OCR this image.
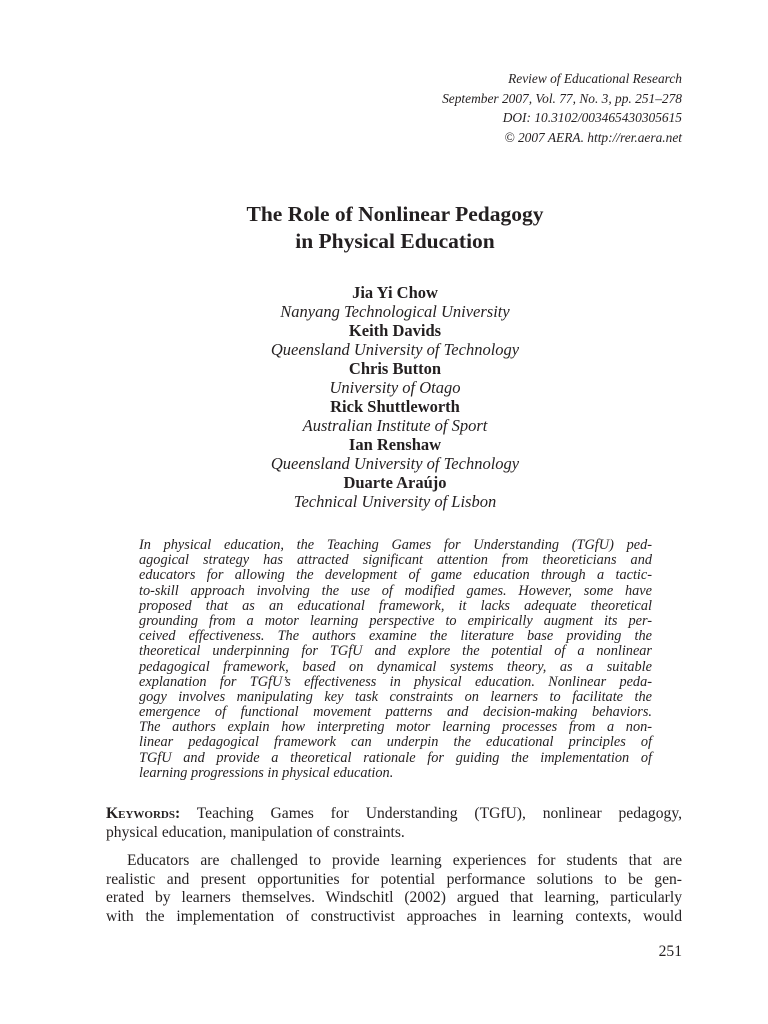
Review of Educational Research
September 2007, Vol. 77, No. 3, pp. 251–278
DOI: 10.3102/003465430305615
© 2007 AERA. http://rer.aera.net
The Role of Nonlinear Pedagogy
in Physical Education
Jia Yi Chow
Nanyang Technological University
Keith Davids
Queensland University of Technology
Chris Button
University of Otago
Rick Shuttleworth
Australian Institute of Sport
Ian Renshaw
Queensland University of Technology
Duarte Araújo
Technical University of Lisbon
In physical education, the Teaching Games for Understanding (TGfU) ped-
agogical strategy has attracted significant attention from theoreticians and
educators for allowing the development of game education through a tactic-
to-skill approach involving the use of modified games. However, some have
proposed that as an educational framework, it lacks adequate theoretical
grounding from a motor learning perspective to empirically augment its per-
ceived effectiveness. The authors examine the literature base providing the
theoretical underpinning for TGfU and explore the potential of a nonlinear
pedagogical framework, based on dynamical systems theory, as a suitable
explanation for TGfU’s effectiveness in physical education. Nonlinear peda-
gogy involves manipulating key task constraints on learners to facilitate the
emergence of functional movement patterns and decision-making behaviors.
The authors explain how interpreting motor learning processes from a non-
linear pedagogical framework can underpin the educational principles of
TGfU and provide a theoretical rationale for guiding the implementation of
learning progressions in physical education.
Keywords: Teaching Games for Understanding (TGfU), nonlinear pedagogy,
physical education, manipulation of constraints.
Educators are challenged to provide learning experiences for students that are
realistic and present opportunities for potential performance solutions to be gen-
erated by learners themselves. Windschitl (2002) argued that learning, particularly
with the implementation of constructivist approaches in learning contexts, would
251
